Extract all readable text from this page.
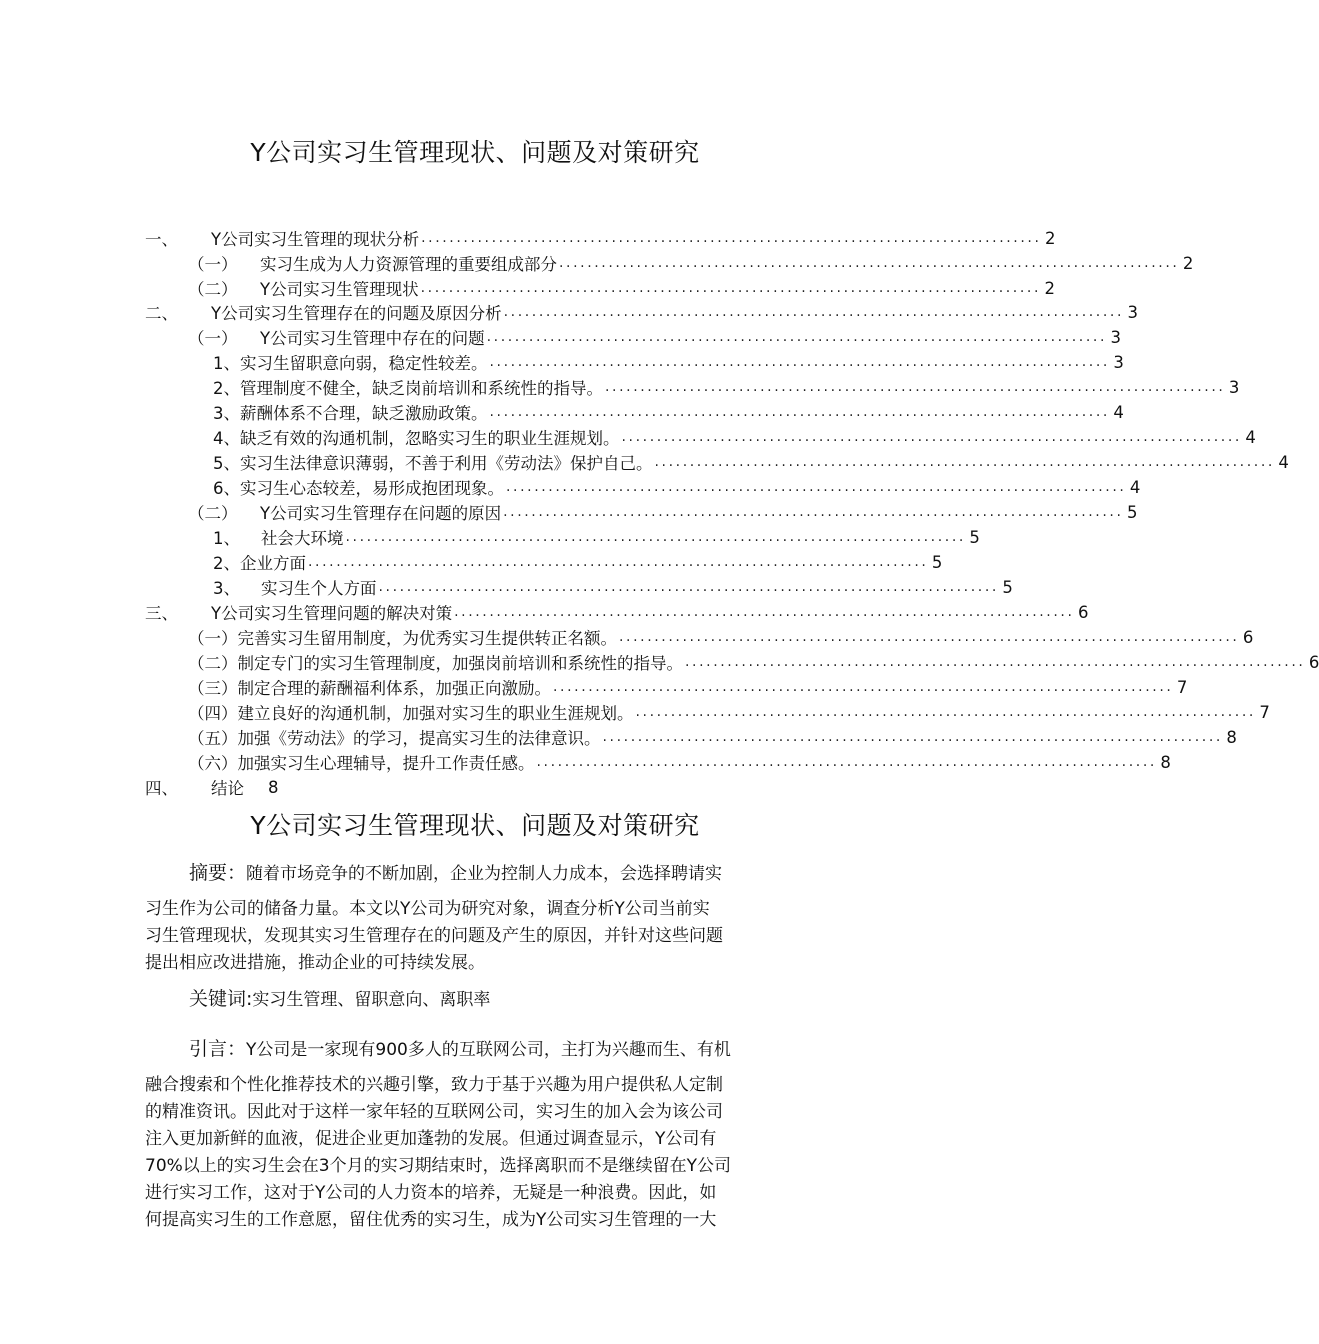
Y公司实习生管理现状、问题及对策研究
一、	Y公司实习生管理的现状分析 ........................................................................................ 2
（一）	实习生成为人力资源管理的重要组成部分 ........................................................................................ 2
（二）	Y公司实习生管理现状 ........................................................................................ 2
二、	Y公司实习生管理存在的问题及原因分析 ........................................................................................ 3
（一）	Y公司实习生管理中存在的问题 ........................................................................................ 3
1、实习生留职意向弱，稳定性较差。 ........................................................................................ 3
2、管理制度不健全，缺乏岗前培训和系统性的指导。 ........................................................................................ 3
3、薪酬体系不合理，缺乏激励政策。 ........................................................................................ 4
4、缺乏有效的沟通机制，忽略实习生的职业生涯规划。 ........................................................................................ 4
5、实习生法律意识薄弱，不善于利用《劳动法》保护自己。 ........................................................................................ 4
6、实习生心态较差，易形成抱团现象。 ........................................................................................ 4
（二）	Y公司实习生管理存在问题的原因 ........................................................................................ 5
1、	社会大环境 ........................................................................................ 5
2、企业方面 ........................................................................................ 5
3、	实习生个人方面 ........................................................................................ 5
三、	Y公司实习生管理问题的解决对策 ........................................................................................ 6
（一）完善实习生留用制度，为优秀实习生提供转正名额。 ........................................................................................ 6
（二）制定专门的实习生管理制度，加强岗前培训和系统性的指导。 ........................................................................................ 6
（三）制定合理的薪酬福利体系，加强正向激励。 ........................................................................................ 7
（四）建立良好的沟通机制，加强对实习生的职业生涯规划。 ........................................................................................ 7
（五）加强《劳动法》的学习，提高实习生的法律意识。 ........................................................................................ 8
（六）加强实习生心理辅导，提升工作责任感。 ........................................................................................ 8
四、	结论 8
Y公司实习生管理现状、问题及对策研究
摘要：随着市场竞争的不断加剧，企业为控制人力成本，会选择聘请实
习生作为公司的储备力量。本文以Y公司为研究对象，调查分析Y公司当前实
习生管理现状，发现其实习生管理存在的问题及产生的原因，并针对这些问题
提出相应改进措施，推动企业的可持续发展。
关键词:实习生管理、留职意向、离职率
引言：Y公司是一家现有900多人的互联网公司，主打为兴趣而生、有机
融合搜索和个性化推荐技术的兴趣引擎，致力于基于兴趣为用户提供私人定制
的精准资讯。因此对于这样一家年轻的互联网公司，实习生的加入会为该公司
注入更加新鲜的血液，促进企业更加蓬勃的发展。但通过调查显示，Y公司有
70%以上的实习生会在3个月的实习期结束时，选择离职而不是继续留在Y公司
进行实习工作，这对于Y公司的人力资本的培养，无疑是一种浪费。因此，如
何提高实习生的工作意愿，留住优秀的实习生，成为Y公司实习生管理的一大
